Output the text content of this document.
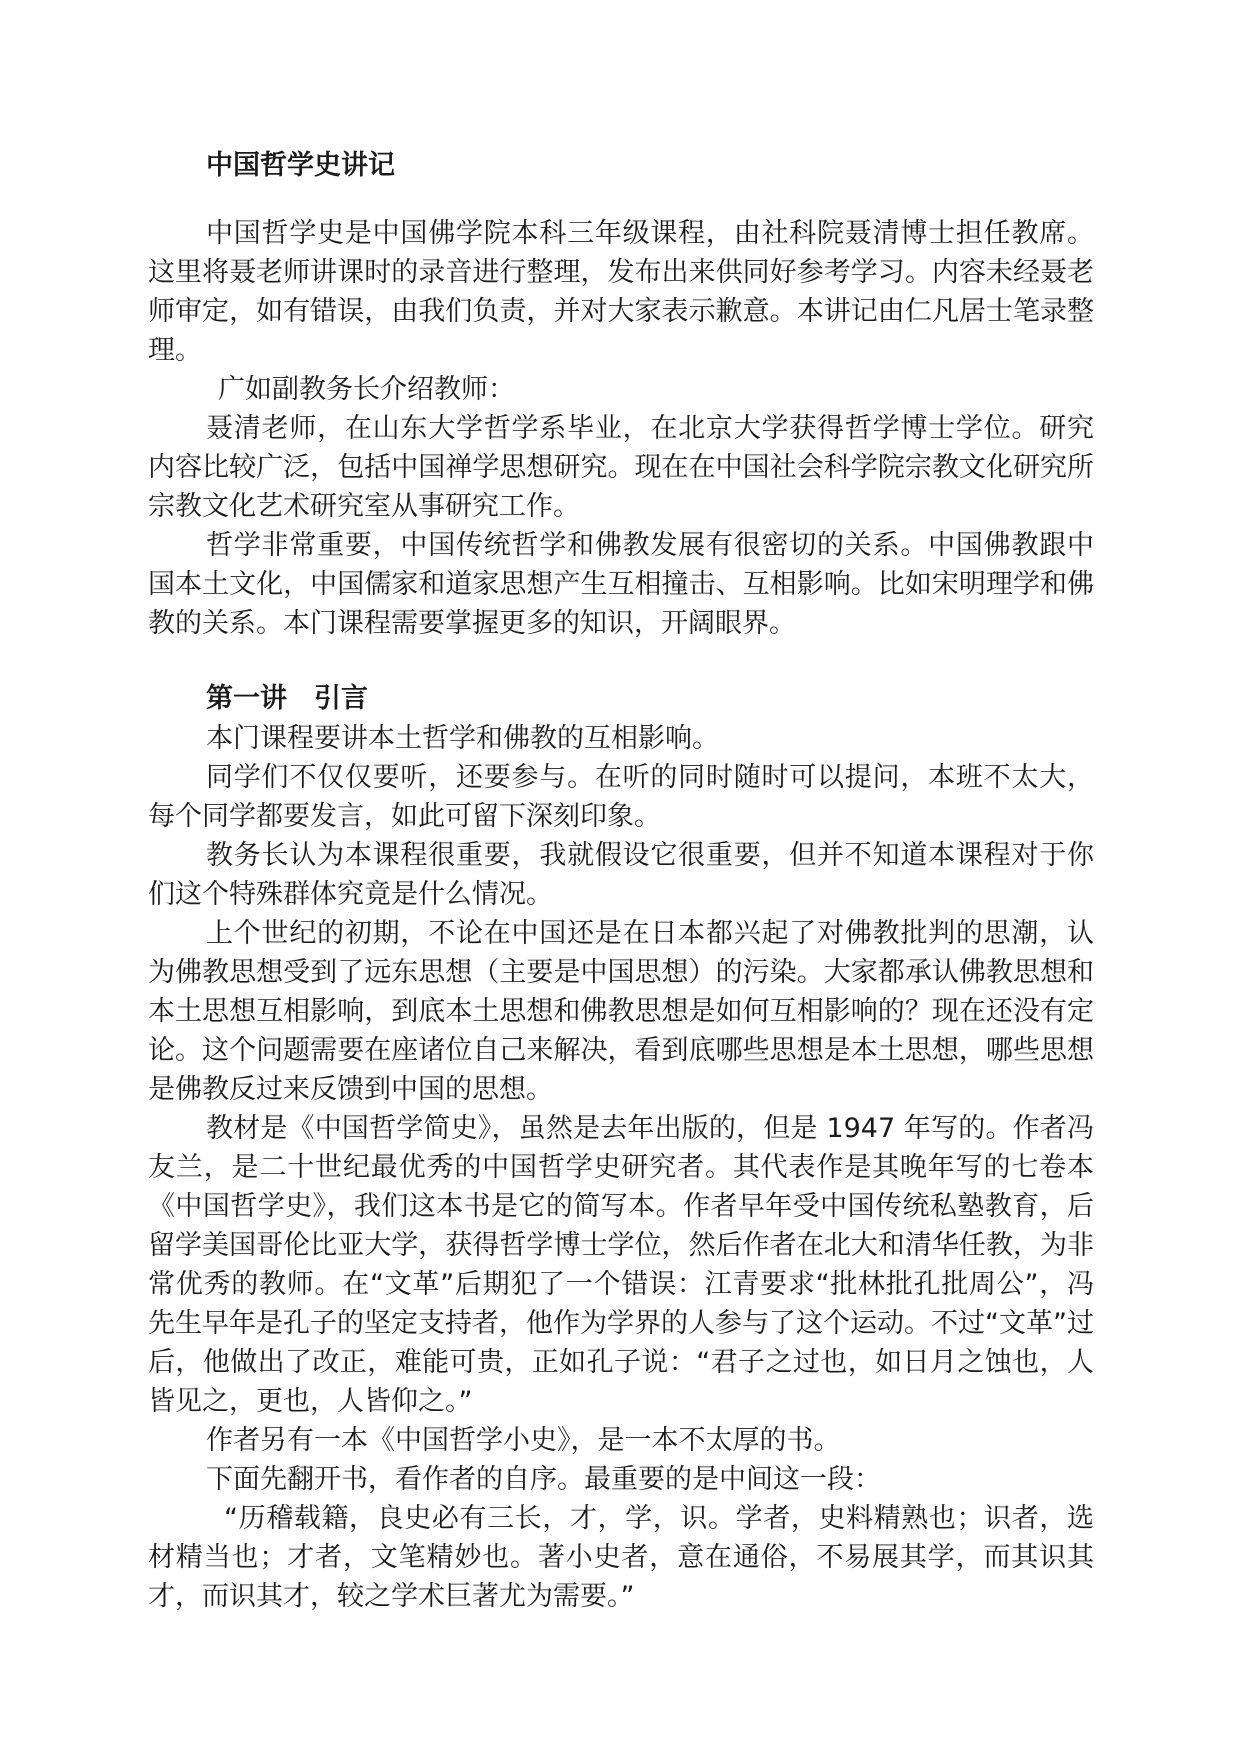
中国哲学史讲记

中国哲学史是中国佛学院本科三年级课程，由社科院聂清博士担任教席。这里将聂老师讲课时的录音进行整理，发布出来供同好参考学习。内容未经聂老师审定，如有错误，由我们负责，并对大家表示歉意。本讲记由仁凡居士笔录整理。

广如副教务长介绍教师：

聂清老师，在山东大学哲学系毕业，在北京大学获得哲学博士学位。研究内容比较广泛，包括中国禅学思想研究。现在在中国社会科学院宗教文化研究所宗教文化艺术研究室从事研究工作。

哲学非常重要，中国传统哲学和佛教发展有很密切的关系。中国佛教跟中国本土文化，中国儒家和道家思想产生互相撞击、互相影响。比如宋明理学和佛教的关系。本门课程需要掌握更多的知识，开阔眼界。

第一讲　引言

本门课程要讲本土哲学和佛教的互相影响。

同学们不仅仅要听，还要参与。在听的同时随时可以提问，本班不太大，每个同学都要发言，如此可留下深刻印象。

教务长认为本课程很重要，我就假设它很重要，但并不知道本课程对于你们这个特殊群体究竟是什么情况。

上个世纪的初期，不论在中国还是在日本都兴起了对佛教批判的思潮，认为佛教思想受到了远东思想（主要是中国思想）的污染。大家都承认佛教思想和本土思想互相影响，到底本土思想和佛教思想是如何互相影响的？现在还没有定论。这个问题需要在座诸位自己来解决，看到底哪些思想是本土思想，哪些思想是佛教反过来反馈到中国的思想。

教材是《中国哲学简史》，虽然是去年出版的，但是 1947 年写的。作者冯友兰，是二十世纪最优秀的中国哲学史研究者。其代表作是其晚年写的七卷本《中国哲学史》，我们这本书是它的简写本。作者早年受中国传统私塾教育，后留学美国哥伦比亚大学，获得哲学博士学位，然后作者在北大和清华任教，为非常优秀的教师。在“文革”后期犯了一个错误：江青要求“批林批孔批周公”，冯先生早年是孔子的坚定支持者，他作为学界的人参与了这个运动。不过“文革”过后，他做出了改正，难能可贵，正如孔子说：“君子之过也，如日月之蚀也，人皆见之，更也，人皆仰之。”

作者另有一本《中国哲学小史》，是一本不太厚的书。

下面先翻开书，看作者的自序。最重要的是中间这一段：

“历稽载籍，良史必有三长，才，学，识。学者，史料精熟也；识者，选材精当也；才者，文笔精妙也。著小史者，意在通俗，不易展其学，而其识其才，而识其才，较之学术巨著尤为需要。”
